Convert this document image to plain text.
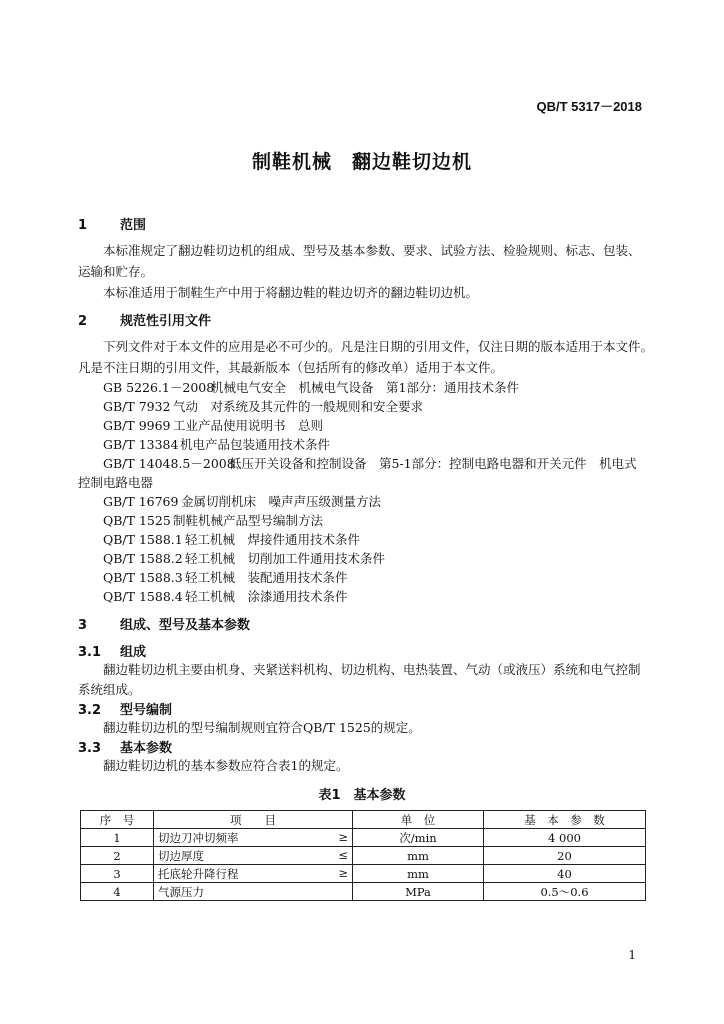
QB/T 5317－2018
制鞋机械　翻边鞋切边机
1	范围
本标准规定了翻边鞋切边机的组成、型号及基本参数、要求、试验方法、检验规则、标志、包装、
运输和贮存。
本标准适用于制鞋生产中用于将翻边鞋的鞋边切齐的翻边鞋切边机。
2	规范性引用文件
下列文件对于本文件的应用是必不可少的。凡是注日期的引用文件，仅注日期的版本适用于本文件。
凡是不注日期的引用文件，其最新版本（包括所有的修改单）适用于本文件。
GB 5226.1－2008机械电气安全　机械电气设备　第1部分：通用技术条件
GB/T 7932 气动　对系统及其元件的一般规则和安全要求
GB/T 9969 工业产品使用说明书　总则
GB/T 13384 机电产品包装通用技术条件
GB/T 14048.5－2008低压开关设备和控制设备　第5-1部分：控制电路电器和开关元件　机电式
控制电路电器
GB/T 16769 金属切削机床　噪声声压级测量方法
QB/T 1525 制鞋机械产品型号编制方法
QB/T 1588.1 轻工机械　焊接件通用技术条件
QB/T 1588.2 轻工机械　切削加工件通用技术条件
QB/T 1588.3 轻工机械　装配通用技术条件
QB/T 1588.4 轻工机械　涂漆通用技术条件
3	组成、型号及基本参数
3.1 组成
翻边鞋切边机主要由机身、夹紧送料机构、切边机构、电热装置、气动（或液压）系统和电气控制
系统组成。
3.2 型号编制
翻边鞋切边机的型号编制规则宜符合QB/T 1525的规定。
3.3 基本参数
翻边鞋切边机的基本参数应符合表1的规定。
表1　基本参数
序　号	项　　目	单　位	基　本　参　数
1	切边刀冲切频率 ≥	次/min	4 000
2	切边厚度 ≤	mm	20
3	托底轮升降行程 ≥	mm	40
4	气源压力	MPa	0.5～0.6
1
